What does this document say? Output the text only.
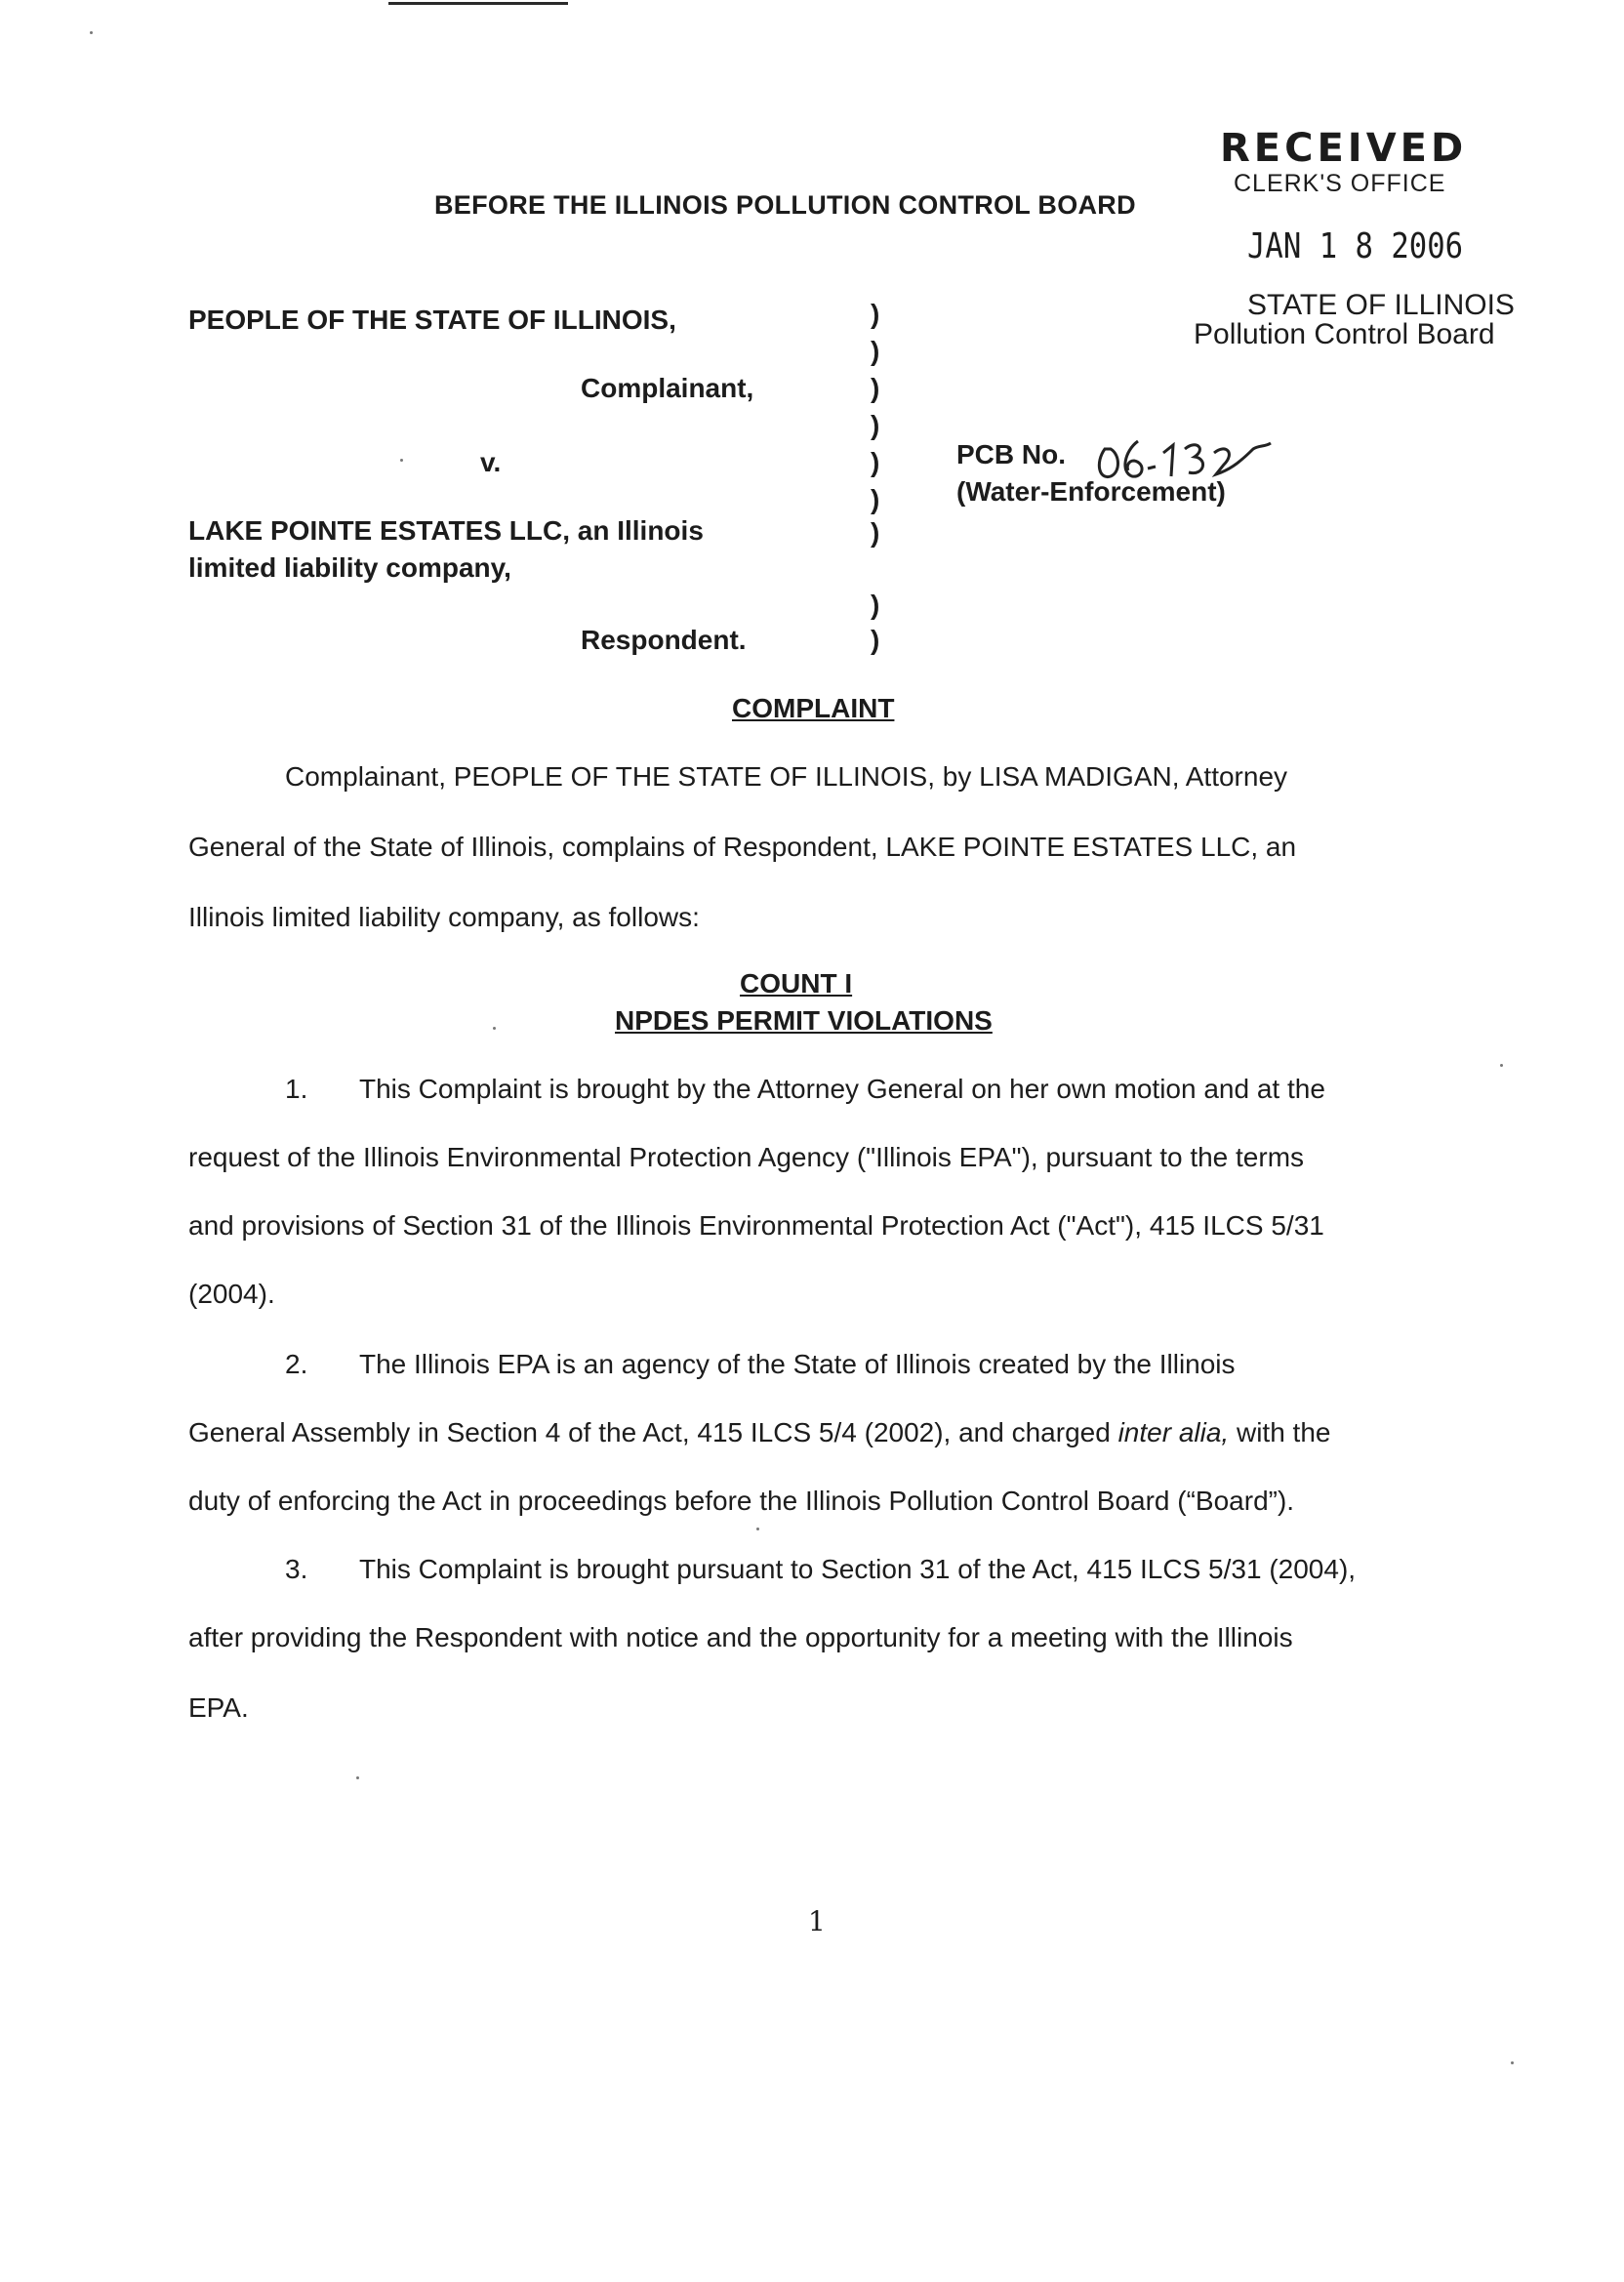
RECEIVED
CLERK'S OFFICE
JAN 1 8 2006
STATE OF ILLINOIS
Pollution Control Board
BEFORE THE ILLINOIS POLLUTION CONTROL BOARD
PEOPLE OF THE STATE OF ILLINOIS,
Complainant,
v.
LAKE POINTE ESTATES LLC, an Illinois
limited liability company,
Respondent.
)
)
)
)
)
)
)
)
)
PCB No.
(Water-Enforcement)
COMPLAINT
Complainant, PEOPLE OF THE STATE OF ILLINOIS, by LISA MADIGAN, Attorney
General of the State of Illinois, complains of Respondent, LAKE POINTE ESTATES LLC, an
Illinois limited liability company, as follows:
COUNT I
NPDES PERMIT VIOLATIONS
1. This Complaint is brought by the Attorney General on her own motion and at the
request of the Illinois Environmental Protection Agency ("Illinois EPA"), pursuant to the terms
and provisions of Section 31 of the Illinois Environmental Protection Act ("Act"), 415 ILCS 5/31
(2004).
2. The Illinois EPA is an agency of the State of Illinois created by the Illinois
General Assembly in Section 4 of the Act, 415 ILCS 5/4 (2002), and charged inter alia, with the
duty of enforcing the Act in proceedings before the Illinois Pollution Control Board (“Board”).
3. This Complaint is brought pursuant to Section 31 of the Act, 415 ILCS 5/31 (2004),
after providing the Respondent with notice and the opportunity for a meeting with the Illinois
EPA.
1
